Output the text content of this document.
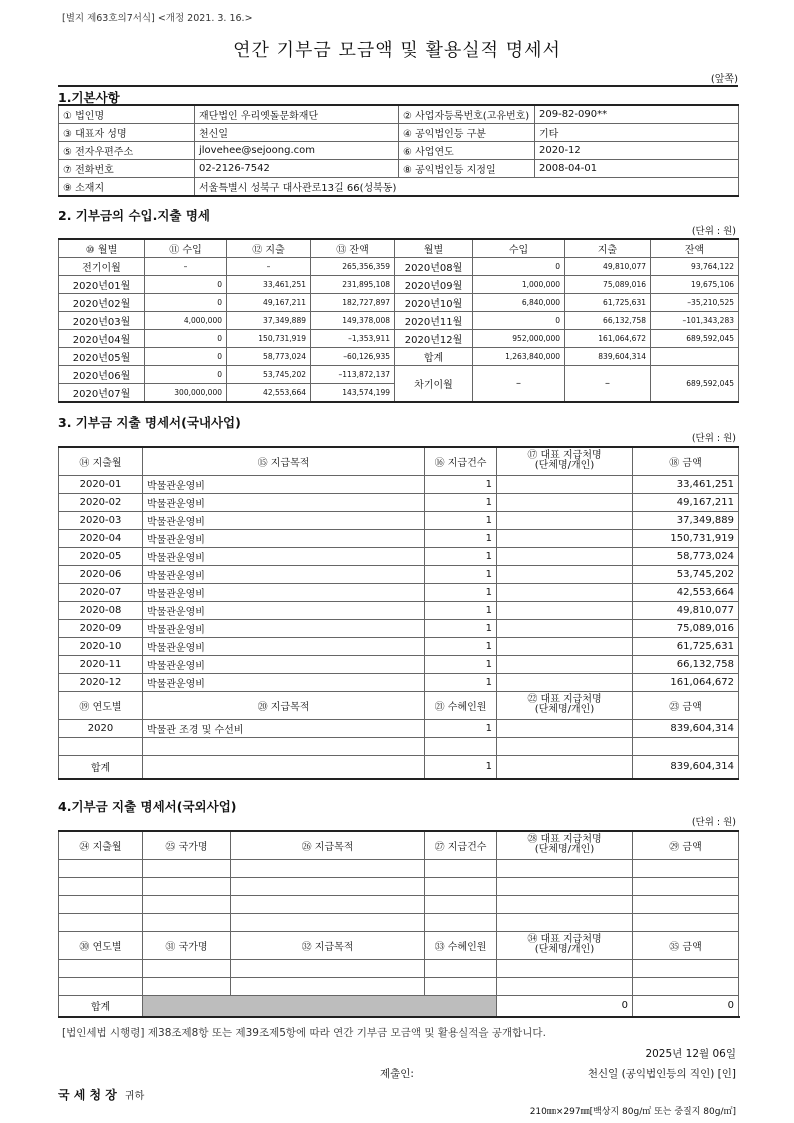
[별지 제63호의7서식] <개정 2021. 3. 16.>
연간 기부금 모금액 및 활용실적 명세서
(앞쪽)
1.기본사항
① 법인명	재단법인 우리옛돌문화재단	② 사업자등록번호(고유번호)	209-82-090**
③ 대표자 성명	천신일	④ 공익법인등 구분	기타
⑤ 전자우편주소	jlovehee@sejoong.com	⑥ 사업연도	2020-12
⑦ 전화번호	02-2126-7542	⑧ 공익법인등 지정일	2008-04-01
⑨ 소재지	서울특별시 성북구 대사관로13길 66(성북동)		
2. 기부금의 수입.지출 명세
(단위 : 원)
⑩ 월별	⑪ 수입	⑫ 지출	⑬ 잔액	월별	수입	지출	잔액
전기이월	–	–	265,356,359	2020년08월	0	49,810,077	93,764,122
2020년01월	0	33,461,251	231,895,108	2020년09월	1,000,000	75,089,016	19,675,106
2020년02월	0	49,167,211	182,727,897	2020년10월	6,840,000	61,725,631	–35,210,525
2020년03월	4,000,000	37,349,889	149,378,008	2020년11월	0	66,132,758	–101,343,283
2020년04월	0	150,731,919	–1,353,911	2020년12월	952,000,000	161,064,672	689,592,045
2020년05월	0	58,773,024	–60,126,935	합계	1,263,840,000	839,604,314	
2020년06월	0	53,745,202	–113,872,137	차기이월	–	–	689,592,045
2020년07월	300,000,000	42,553,664	143,574,199				
3. 기부금 지출 명세서(국내사업)
(단위 : 원)
⑭ 지출월	⑮ 지급목적	⑯ 지급건수	⑰ 대표 지급처명
(단체명/개인)	⑱ 금액
2020-01	박물관운영비	1		33,461,251
2020-02	박물관운영비	1		49,167,211
2020-03	박물관운영비	1		37,349,889
2020-04	박물관운영비	1		150,731,919
2020-05	박물관운영비	1		58,773,024
2020-06	박물관운영비	1		53,745,202
2020-07	박물관운영비	1		42,553,664
2020-08	박물관운영비	1		49,810,077
2020-09	박물관운영비	1		75,089,016
2020-10	박물관운영비	1		61,725,631
2020-11	박물관운영비	1		66,132,758
2020-12	박물관운영비	1		161,064,672
⑲ 연도별	⑳ 지급목적	㉑ 수혜인원	㉒ 대표 지급처명
(단체명/개인)	㉓ 금액
2020	박물관 조경 및 수선비	1		839,604,314

합계		1		839,604,314
4.기부금 지출 명세서(국외사업)
(단위 : 원)
㉔ 지출월	㉕ 국가명	㉖ 지급목적	㉗ 지급건수	㉘ 대표 지급처명
(단체명/개인)	㉙ 금액

㉚ 연도별	㉛ 국가명	㉜ 지급목적	㉝ 수혜인원	㉞ 대표 지급처명
(단체명/개인)	㉟ 금액

합계				0	0
[법인세법 시행령] 제38조제8항 또는 제39조제5항에 따라 연간 기부금 모금액 및 활용실적을 공개합니다.
2025년 12월 06일
제출인:	천신일 (공익법인등의 직인) [인]
국 세 청 장 귀하
210㎜×297㎜[백상지 80g/㎡ 또는 중질지 80g/㎡]
